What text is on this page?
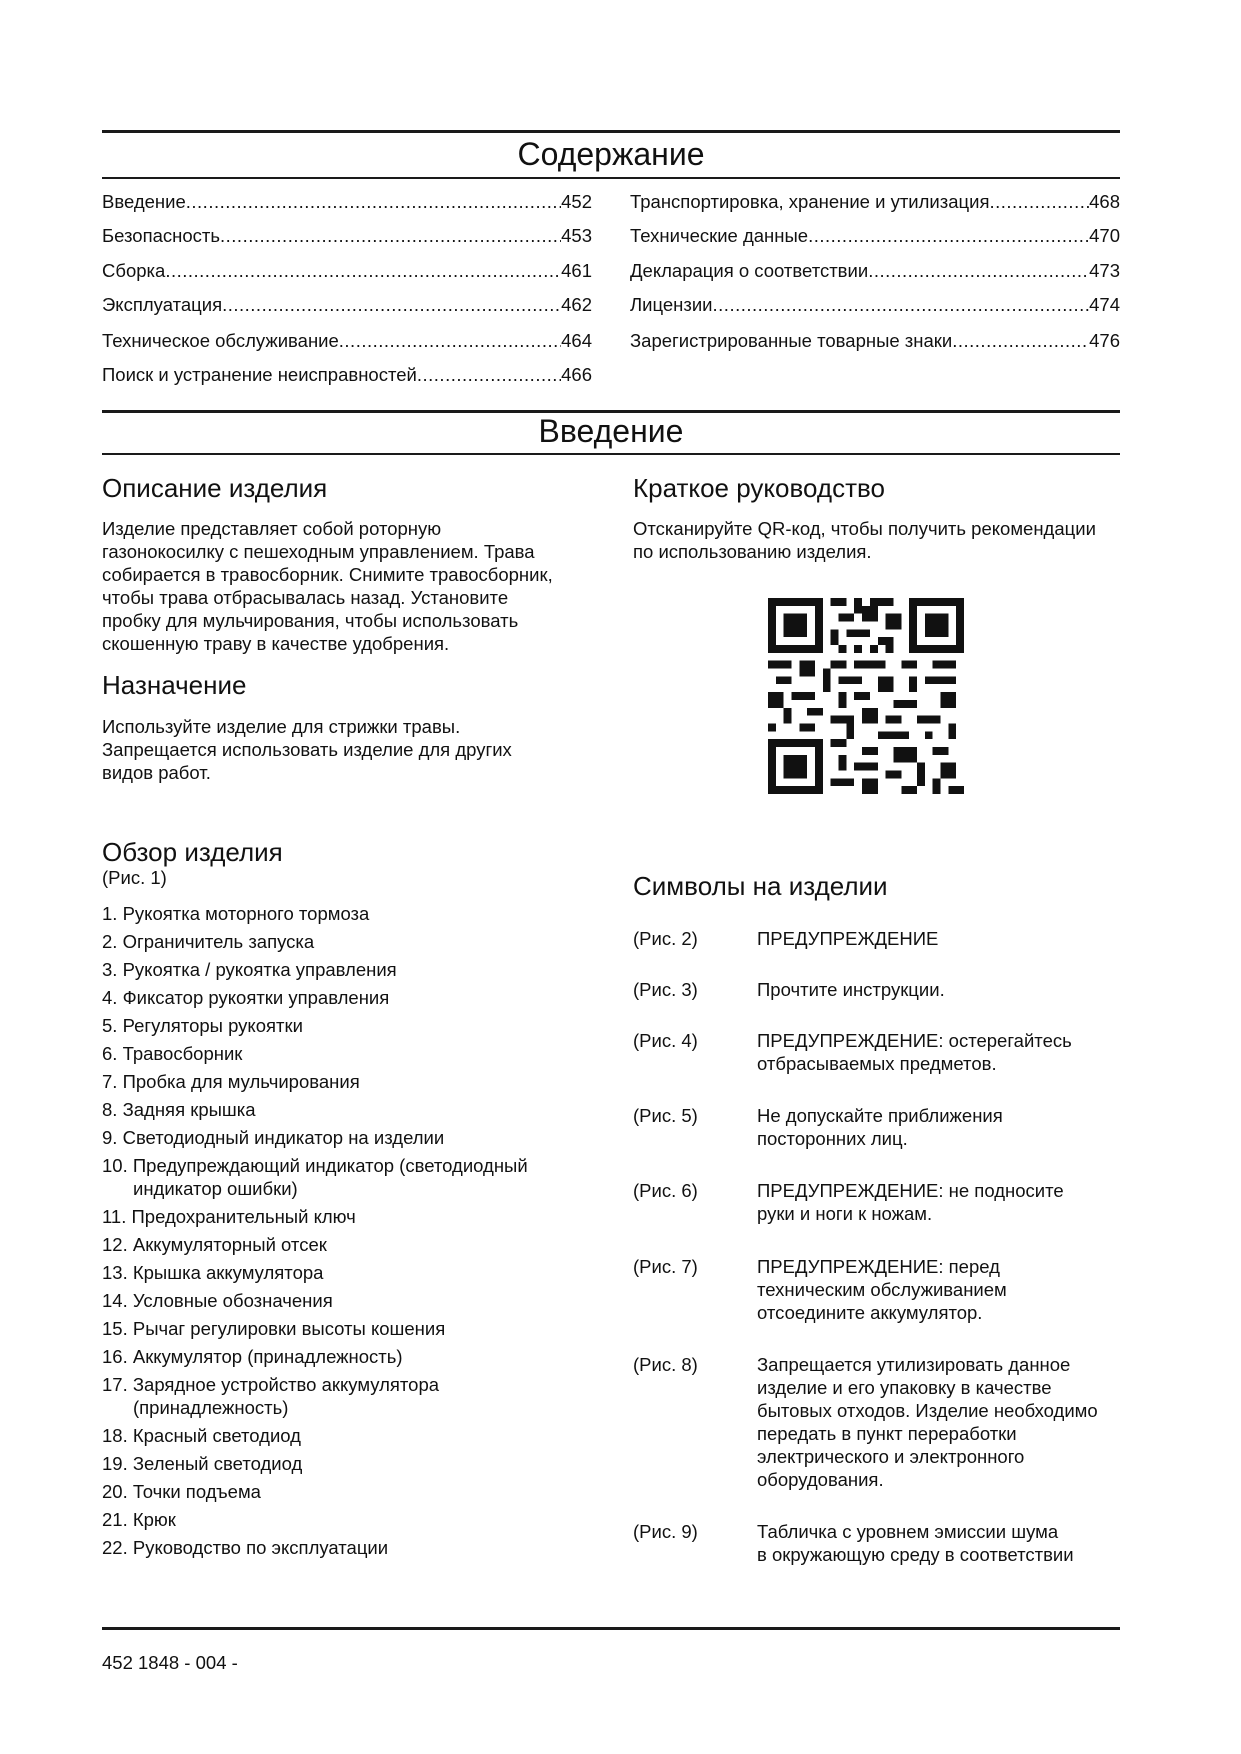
Содержание
Введение .....	452
Безопасность .....	453
Сборка .....	461
Эксплуатация .....	462
Техническое обслуживание .....	464
Поиск и устранение неисправностей .....	466
Транспортировка, хранение и утилизация .....	468
Технические данные .....	470
Декларация о соответствии .....	473
Лицензии .....	474
Зарегистрированные товарные знаки .....	476
Введение
Описание изделия
Изделие представляет собой роторную
газонокосилку с пешеходным управлением. Трава
собирается в травосборник. Снимите травосборник,
чтобы трава отбрасывалась назад. Установите
пробку для мульчирования, чтобы использовать
скошенную траву в качестве удобрения.
Назначение
Используйте изделие для стрижки травы.
Запрещается использовать изделие для других
видов работ.
Обзор изделия
(Рис. 1)
1. Рукоятка моторного тормоза
2. Ограничитель запуска
3. Рукоятка / рукоятка управления
4. Фиксатор рукоятки управления
5. Регуляторы рукоятки
6. Травосборник
7. Пробка для мульчирования
8. Задняя крышка
9. Светодиодный индикатор на изделии
10. Предупреждающий индикатор (светодиодный
индикатор ошибки)
11. Предохранительный ключ
12. Аккумуляторный отсек
13. Крышка аккумулятора
14. Условные обозначения
15. Рычаг регулировки высоты кошения
16. Аккумулятор (принадлежность)
17. Зарядное устройство аккумулятора
(принадлежность)
18. Красный светодиод
19. Зеленый светодиод
20. Точки подъема
21. Крюк
22. Руководство по эксплуатации
Краткое руководство
Отсканируйте QR-код, чтобы получить рекомендации
по использованию изделия.
Символы на изделии
(Рис. 2)	ПРЕДУПРЕЖДЕНИЕ
(Рис. 3)	Прочтите инструкции.
(Рис. 4)	ПРЕДУПРЕЖДЕНИЕ: остерегайтесь
отбрасываемых предметов.
(Рис. 5)	Не допускайте приближения
посторонних лиц.
(Рис. 6)	ПРЕДУПРЕЖДЕНИЕ: не подносите
руки и ноги к ножам.
(Рис. 7)	ПРЕДУПРЕЖДЕНИЕ: перед
техническим обслуживанием
отсоедините аккумулятор.
(Рис. 8)	Запрещается утилизировать данное
изделие и его упаковку в качестве
бытовых отходов. Изделие необходимо
передать в пункт переработки
электрического и электронного
оборудования.
(Рис. 9)	Табличка с уровнем эмиссии шума
в окружающую среду в соответствии
452 1848 - 004 -
